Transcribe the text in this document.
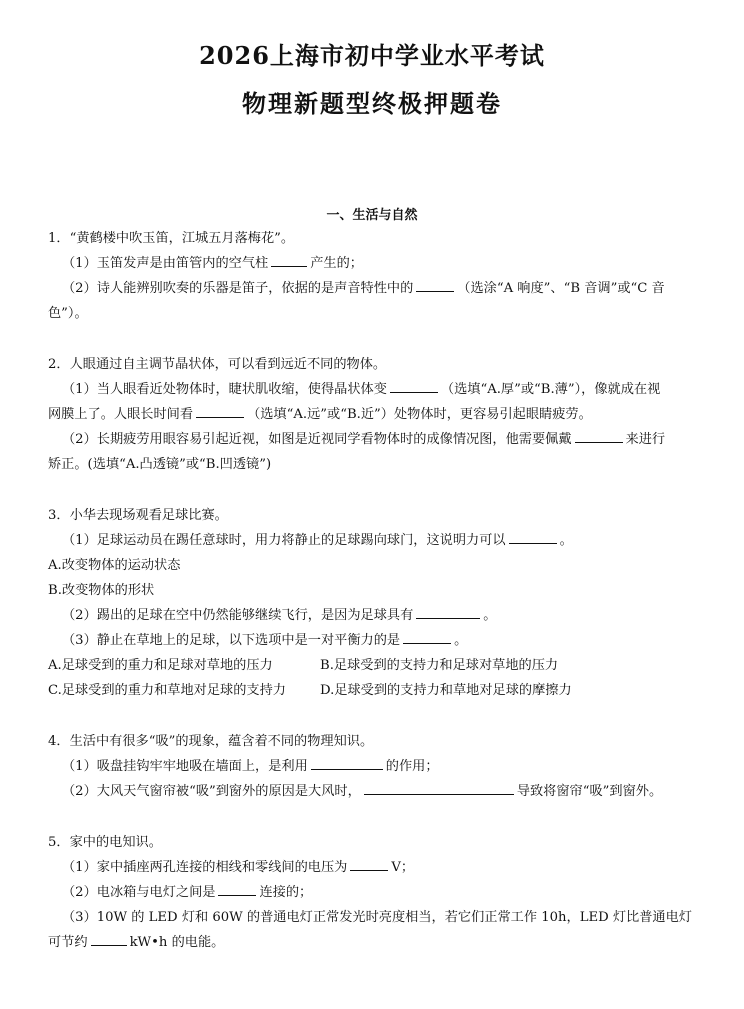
2026上海市初中学业水平考试
物理新题型终极押题卷
一、生活与自然
1．“黄鹤楼中吹玉笛，江城五月落梅花”。
（1）玉笛发声是由笛管内的空气柱	产生的；
（2）诗人能辨别吹奏的乐器是笛子，依据的是声音特性中的	（选涂“A 响度”、“B 音调”或“C 音
色”）。
2．人眼通过自主调节晶状体，可以看到远近不同的物体。
（1）当人眼看近处物体时，睫状肌收缩，使得晶状体变	（选填“A.厚”或“B.薄”），像就成在视
网膜上了。人眼长时间看	（选填“A.远”或“B.近”）处物体时，更容易引起眼睛疲劳。
（2）长期疲劳用眼容易引起近视，如图是近视同学看物体时的成像情况图，他需要佩戴	来进行
矫正。(选填“A.凸透镜”或“B.凹透镜”)
3．小华去现场观看足球比赛。
（1）足球运动员在踢任意球时，用力将静止的足球踢向球门，这说明力可以	。
A.改变物体的运动状态
B.改变物体的形状
（2）踢出的足球在空中仍然能够继续飞行，是因为足球具有	。
（3）静止在草地上的足球，以下选项中是一对平衡力的是	。
A.足球受到的重力和足球对草地的压力	B.足球受到的支持力和足球对草地的压力
C.足球受到的重力和草地对足球的支持力	D.足球受到的支持力和草地对足球的摩擦力
4．生活中有很多“吸”的现象，蕴含着不同的物理知识。
（1）吸盘挂钩牢牢地吸在墙面上，是利用	的作用；
（2）大风天气窗帘被“吸”到窗外的原因是大风时，	导致将窗帘“吸”到窗外。
5．家中的电知识。
（1）家中插座两孔连接的相线和零线间的电压为	V；
（2）电冰箱与电灯之间是	连接的；
（3）10W 的 LED 灯和 60W 的普通电灯正常发光时亮度相当，若它们正常工作 10h，LED 灯比普通电灯
可节约	kW•h 的电能。
